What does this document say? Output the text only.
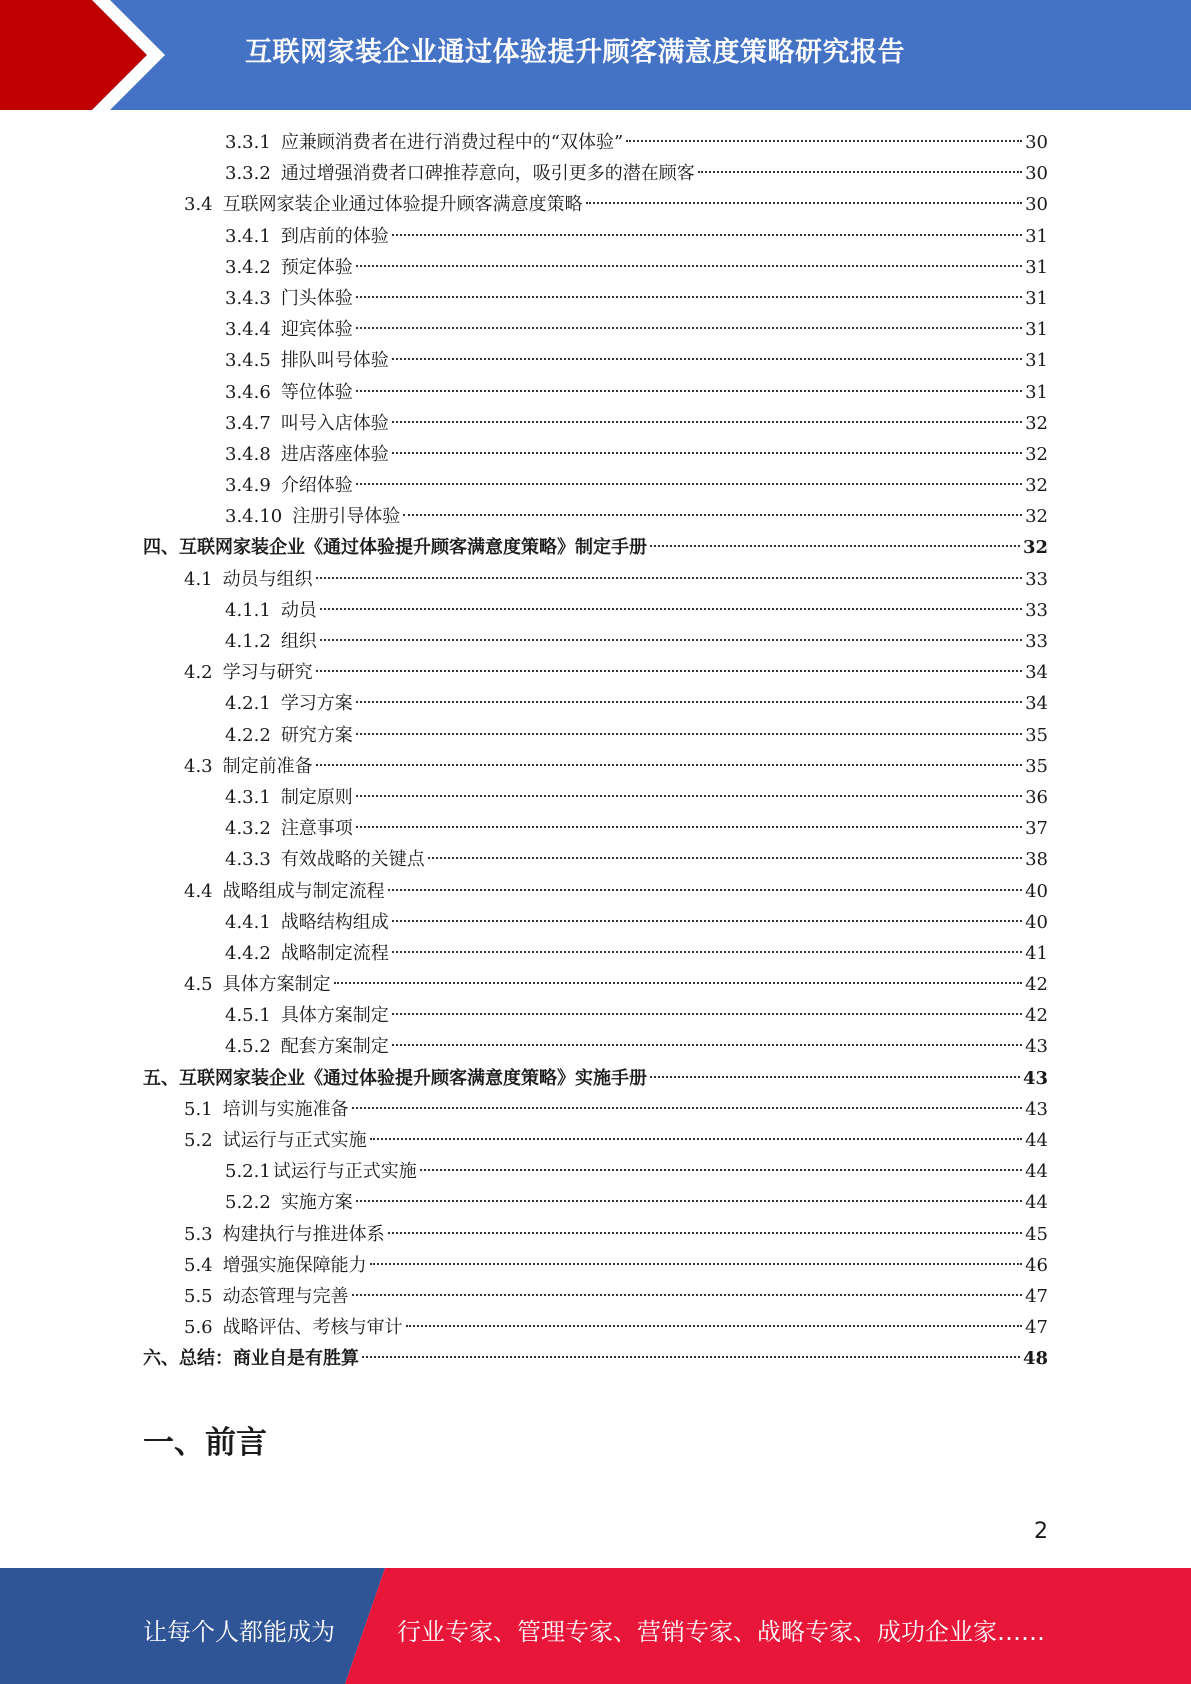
互联网家装企业通过体验提升顾客满意度策略研究报告
3.3.1 应兼顾消费者在进行消费过程中的“双体验”	30
3.3.2 通过增强消费者口碑推荐意向，吸引更多的潜在顾客	30
3.4 互联网家装企业通过体验提升顾客满意度策略	30
3.4.1 到店前的体验	31
3.4.2 预定体验	31
3.4.3 门头体验	31
3.4.4 迎宾体验	31
3.4.5 排队叫号体验	31
3.4.6 等位体验	31
3.4.7 叫号入店体验	32
3.4.8 进店落座体验	32
3.4.9 介绍体验	32
3.4.10 注册引导体验	32
四、 互联网家装企业《通过体验提升顾客满意度策略》制定手册	32
4.1 动员与组织	33
4.1.1 动员	33
4.1.2 组织	33
4.2 学习与研究	34
4.2.1 学习方案	34
4.2.2 研究方案	35
4.3 制定前准备	35
4.3.1 制定原则	36
4.3.2 注意事项	37
4.3.3 有效战略的关键点	38
4.4 战略组成与制定流程	40
4.4.1 战略结构组成	40
4.4.2 战略制定流程	41
4.5 具体方案制定	42
4.5.1 具体方案制定	42
4.5.2 配套方案制定	43
五、 互联网家装企业《通过体验提升顾客满意度策略》实施手册	43
5.1 培训与实施准备	43
5.2 试运行与正式实施	44
5.2.1 试运行与正式实施	44
5.2.2 实施方案	44
5.3 构建执行与推进体系	45
5.4 增强实施保障能力	46
5.5 动态管理与完善	47
5.6 战略评估、考核与审计	47
六、 总结：商业自是有胜算	48
一、前言
2
让每个人都能成为	行业专家、管理专家、营销专家、战略专家、成功企业家……
